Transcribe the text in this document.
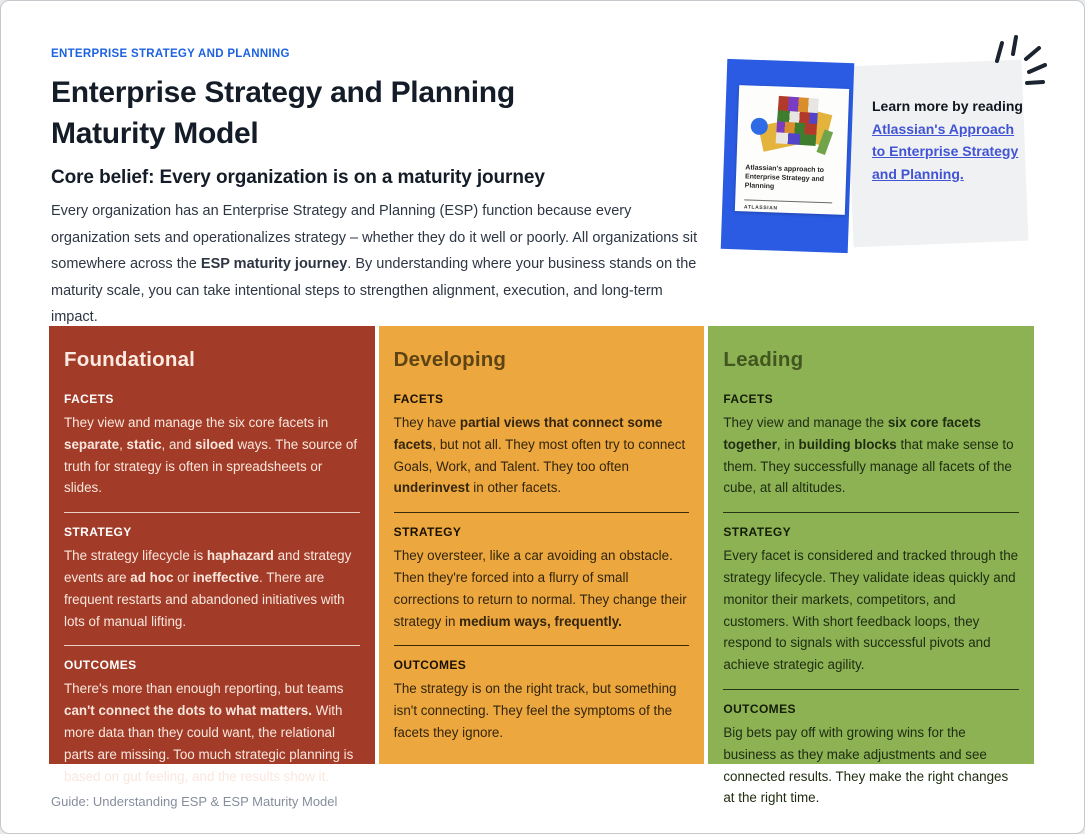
ENTERPRISE STRATEGY AND PLANNING
Enterprise Strategy and Planning
Maturity Model
Core belief: Every organization is on a maturity journey

Every organization has an Enterprise Strategy and Planning (ESP) function because every organization sets and operationalizes strategy – whether they do it well or poorly. All organizations sit somewhere across the ESP maturity journey. By understanding where your business stands on the maturity scale, you can take intentional steps to strengthen alignment, execution, and long-term impact.

Atlassian's approach to Enterprise Strategy and Planning
ATLASSIAN
Learn more by reading Atlassian's Approach to Enterprise Strategy and Planning.
Foundational
FACETS

They view and manage the six core facets in separate, static, and siloed ways. The source of truth for strategy is often in spreadsheets or slides.

STRATEGY

The strategy lifecycle is haphazard and strategy events are ad hoc or ineffective. There are frequent restarts and abandoned initiatives with lots of manual lifting.

OUTCOMES

There's more than enough reporting, but teams can't connect the dots to what matters. With more data than they could want, the relational parts are missing. Too much strategic planning is based on gut feeling, and the results show it.

Developing
FACETS

They have partial views that connect some facets, but not all. They most often try to connect Goals, Work, and Talent. They too often underinvest in other facets.

STRATEGY

They oversteer, like a car avoiding an obstacle. Then they're forced into a flurry of small corrections to return to normal. They change their strategy in medium ways, frequently.

OUTCOMES

The strategy is on the right track, but something isn't connecting. They feel the symptoms of the facets they ignore.

Leading
FACETS

They view and manage the six core facets together, in building blocks that make sense to them. They successfully manage all facets of the cube, at all altitudes.

STRATEGY

Every facet is considered and tracked through the strategy lifecycle. They validate ideas quickly and monitor their markets, competitors, and customers. With short feedback loops, they respond to signals with successful pivots and achieve strategic agility.

OUTCOMES

Big bets pay off with growing wins for the business as they make adjustments and see connected results. They make the right changes at the right time.

Guide: Understanding ESP & ESP Maturity Model
